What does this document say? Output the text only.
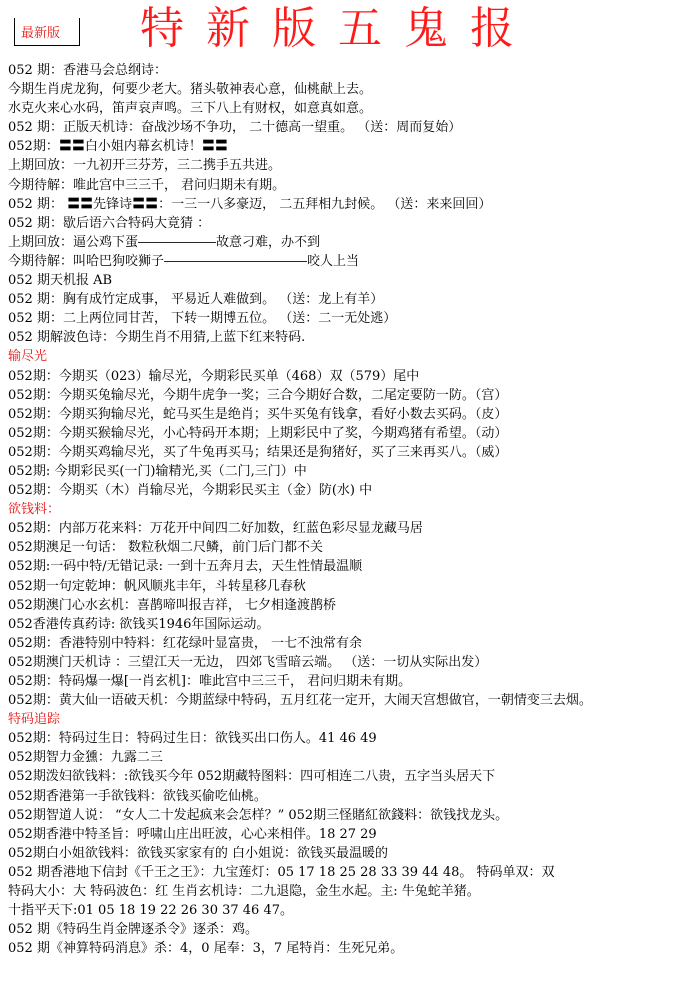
最新版 特新版五鬼报
052 期：香港马会总纲诗：
今期生肖虎龙狗，何要少老大。猪头敬神表心意，仙桃献上去。
水克火来心水码，笛声哀声鸣。三下八上有财权，如意真如意。
052 期：正版天机诗：奋战沙场不争功， 二十德高一望重。 （送：周而复始）
052期：〓〓白小姐内幕玄机诗！〓〓
上期回放：一九初开三芬芳，三二携手五共进。
今期待解：唯此宫中三三千， 君问归期未有期。
052 期： 〓〓先锋诗〓〓：一三一八多豪迈， 二五拜相九封候。 （送：来来回回）
052 期：歇后语六合特码大竟猜 ：
上期回放：逼公鸡下蛋――――――故意刁难，办不到
今期待解：叫哈巴狗咬狮子―――――――――――咬人上当
052 期天机报 AB
052 期：胸有成竹定成事， 平易近人难做到。 （送：龙上有羊）
052 期：二上两位同甘苦， 下转一期博五位。 （送：二一无处逃）
052 期解波色诗：今期生肖不用猜,上蓝下红来特码.
输尽光
052期：今期买（023）输尽光，今期彩民买单（468）双（579）尾中
052期：今期买兔输尽光，今期牛虎争一奖；三合今期好合数，二尾定要防一防。（宫）
052期：今期买狗输尽光，蛇马买生是绝肖；买牛买兔有钱拿，看好小数去买码。（皮）
052期：今期买猴输尽光，小心特码开本期；上期彩民中了奖，今期鸡猪有希望。（动）
052期：今期买鸡输尽光，买了牛兔再买马；结果还是狗猪好，买了三来再买八。（威）
052期: 今期彩民买(一门)输精光,买（二门,三门）中
052期：今期买（木）肖输尽光，今期彩民买主（金）防(水) 中
欲钱料：
052期：内部万花来料：万花开中间四二好加数，红蓝色彩尽显龙藏马居
052期澳足一句话： 数粒秋烟二尺鳞，前门后门都不关
052期:一码中特/无错记录: 一到十五奔月去，天生性情最温顺
052期一句定乾坤：帆风顺兆丰年，斗转星移几春秋
052期澳门心水玄机：喜鹊啼叫报吉祥， 七夕相逢渡鹊桥
052香港传真药诗: 欲钱买1946年国际运动。
052期：香港特别中特料：红花绿叶显富贵， 一七不浊常有余
052期澳门天机诗 ：三望江天一无边， 四郊飞雪暗云端。 （送：一切从实际出发）
052期：特码爆一爆[一肖玄机]：唯此宫中三三千， 君问归期未有期。
052期：黄大仙一语破天机：今期蓝绿中特码，五月红花一定开，大闹天宫想做官，一朝情变三去烟。
特码追踪
052期：特码过生日：特码过生日：欲钱买出口伤人。41 46 49
052期智力金獯：九露二三
052期泼妇欲钱料：:欲钱买今年 052期藏特图料：四可相连二八贵，五字当头居天下
052期香港第一手欲钱料：欲钱买偷吃仙桃。
052期智道人说： “女人二十发起疯来会怎样？” 052期三怪賭紅欲錢料：欲钱找龙头。
052期香港中特圣旨：呼啸山庄出旺波，心心来相伴。18 27 29
052期白小姐欲钱料：欲钱买家家有的 白小姐说：欲钱买最温暖的
052 期香港地下信封《千王之王》：九宝莲灯：05 17 18 25 28 33 39 44 48。 特码单双：双
特码大小：大 特码波色：红 生肖玄机诗：二九退隐，金生水起。主: 牛兔蛇羊猪。
十指平天下:01 05 18 19 22 26 30 37 46 47。
052 期《特码生肖金牌逐杀令》逐杀：鸡。
052 期《神算特码消息》杀：4，0 尾奉：3，7 尾特肖：生死兄弟。
